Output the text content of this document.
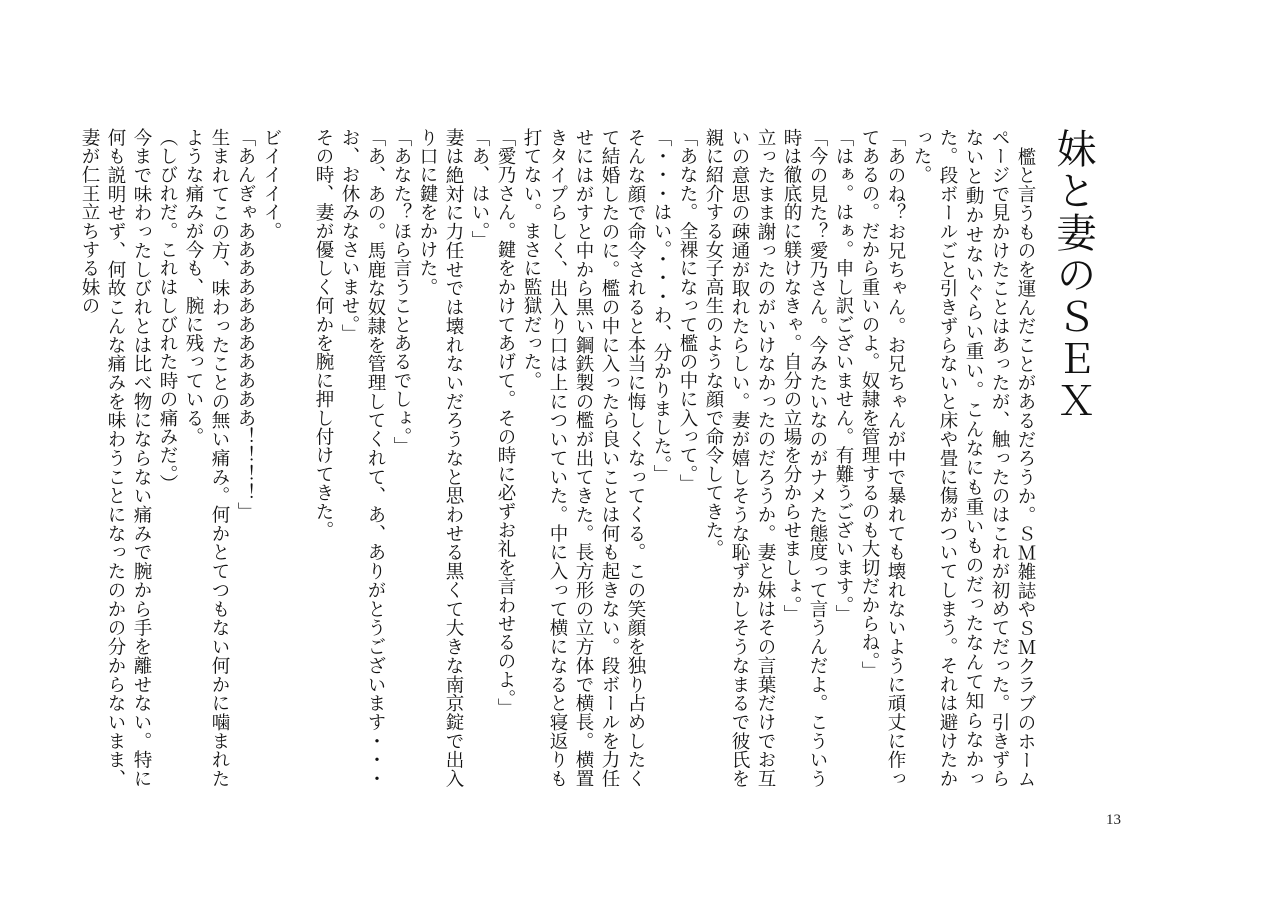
妹と妻のＳＥＸ

檻と言うものを運んだことがあるだろうか。ＳＭ雑誌やＳＭクラブのホームページで見かけたことはあったが、触ったのはこれが初めてだった。引きずらないと動かせないぐらい重い。こんなにも重いものだったなんて知らなかった。段ボールごと引きずらないと床や畳に傷がついてしまう。それは避けたかった。

「あのね？お兄ちゃん。お兄ちゃんが中で暴れても壊れないように頑丈に作ってあるの。だから重いのよ。奴隷を管理するのも大切だからね。」

「はぁ。はぁ。申し訳ございません。有難うございます。」

「今の見た？愛乃さん。今みたいなのがナメた態度って言うんだよ。こういう時は徹底的に躾けなきゃ。自分の立場を分からせましょ。」

立ったまま謝ったのがいけなかったのだろうか。妻と妹はその言葉だけでお互いの意思の疎通が取れたらしい。妻が嬉しそうな恥ずかしそうなまるで彼氏を親に紹介する女子高生のような顔で命令してきた。

「あなた。全裸になって檻の中に入って。」

「・・・はい。・・・わ、分かりました。」

そんな顔で命令されると本当に悔しくなってくる。この笑顔を独り占めしたくて結婚したのに。檻の中に入ったら良いことは何も起きない。段ボールを力任せにはがすと中から黒い鋼鉄製の檻が出てきた。長方形の立方体で横長。横置きタイプらしく、出入り口は上についていた。中に入って横になると寝返りも打てない。まさに監獄だった。

「愛乃さん。鍵をかけてあげて。その時に必ずお礼を言わせるのよ。」

「あ、はい。」

妻は絶対に力任せでは壊れないだろうなと思わせる黒くて大きな南京錠で出入り口に鍵をかけた。

「あなた？ほら言うことあるでしょ。」

「あ、あの。馬鹿な奴隷を管理してくれて、あ、ありがとうございます・・・お、お休みなさいませ。」

その時、妻が優しく何かを腕に押し付けてきた。

ビイイイイ。

「あんぎゃあああああああああああ！！！！」

生まれてこの方、味わったことの無い痛み。何かとてつもない何かに噛まれたような痛みが今も、腕に残っている。

（しびれだ。これはしびれた時の痛みだ。）

今まで味わったしびれとは比べ物にならない痛みで腕から手を離せない。特に何も説明せず、何故こんな痛みを味わうことになったのかの分からないまま、妻が仁王立ちする妹の

13
